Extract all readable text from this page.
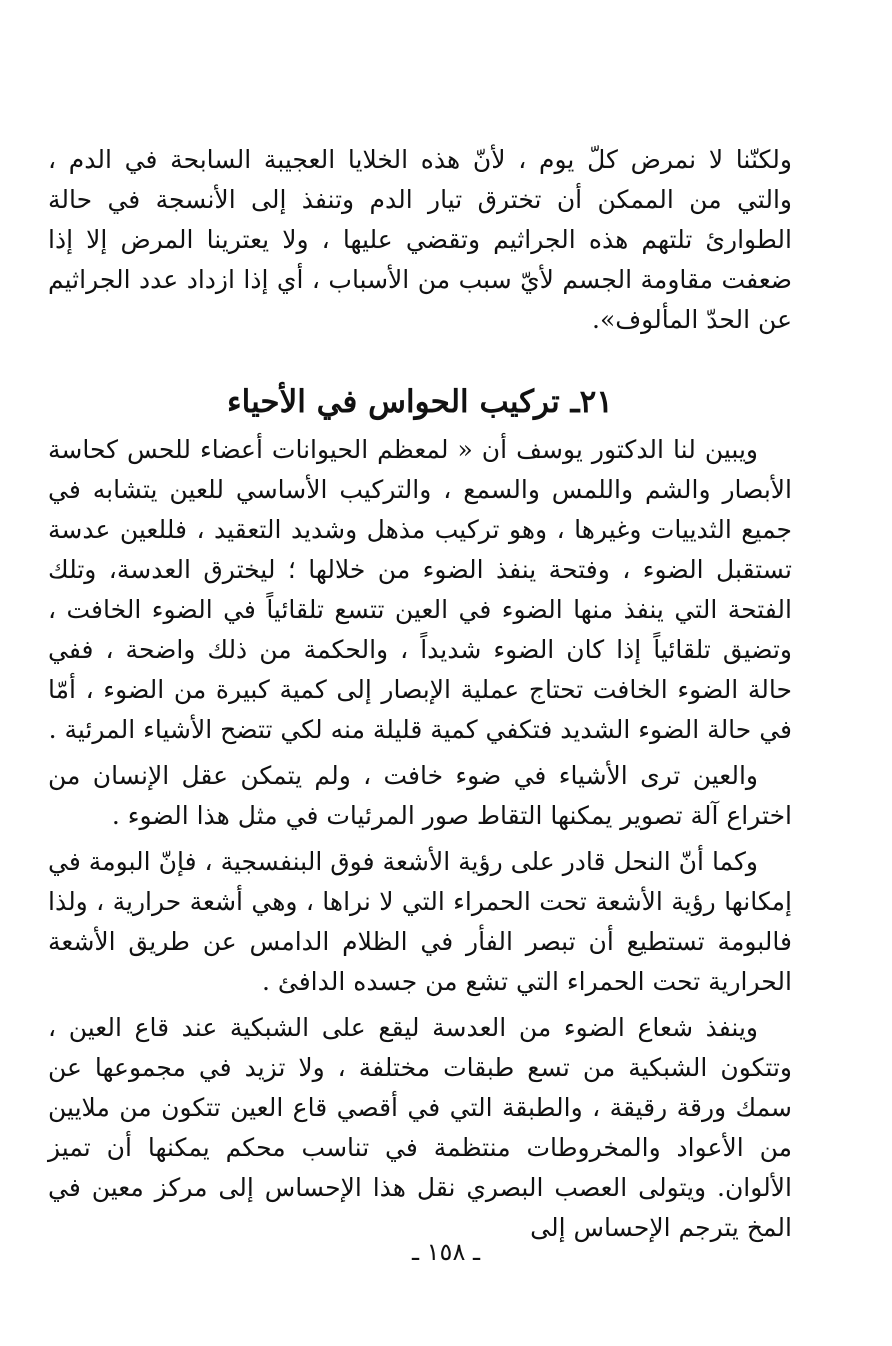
ولكنّنا لا نمرض كلّ يوم ، لأنّ هذه الخلايا العجيبة السابحة في الدم ، والتي من الممكن أن تخترق تيار الدم وتنفذ إلى الأنسجة في حالة الطوارئ تلتهم هذه الجراثيم وتقضي عليها ، ولا يعترينا المرض إلا إذا ضعفت مقاومة الجسم لأيّ سبب من الأسباب ، أي إذا ازداد عدد الجراثيم عن الحدّ المألوف».

٢١ـ تركيب الحواس في الأحياء

ويبين لنا الدكتور يوسف أن « لمعظم الحيوانات أعضاء للحس كحاسة الأبصار والشم واللمس والسمع ، والتركيب الأساسي للعين يتشابه في جميع الثدييات وغيرها ، وهو تركيب مذهل وشديد التعقيد ، فللعين عدسة تستقبل الضوء ، وفتحة ينفذ الضوء من خلالها ؛ ليخترق العدسة، وتلك الفتحة التي ينفذ منها الضوء في العين تتسع تلقائياً في الضوء الخافت ، وتضيق تلقائياً إذا كان الضوء شديداً ، والحكمة من ذلك واضحة ، ففي حالة الضوء الخافت تحتاج عملية الإبصار إلى كمية كبيرة من الضوء ، أمّا في حالة الضوء الشديد فتكفي كمية قليلة منه لكي تتضح الأشياء المرئية .

والعين ترى الأشياء في ضوء خافت ، ولم يتمكن عقل الإنسان من اختراع آلة تصوير يمكنها التقاط صور المرئيات في مثل هذا الضوء .

وكما أنّ النحل قادر على رؤية الأشعة فوق البنفسجية ، فإنّ البومة في إمكانها رؤية الأشعة تحت الحمراء التي لا نراها ، وهي أشعة حرارية ، ولذا فالبومة تستطيع أن تبصر الفأر في الظلام الدامس عن طريق الأشعة الحرارية تحت الحمراء التي تشع من جسده الدافئ .

وينفذ شعاع الضوء من العدسة ليقع على الشبكية عند قاع العين ، وتتكون الشبكية من تسع طبقات مختلفة ، ولا تزيد في مجموعها عن سمك ورقة رقيقة ، والطبقة التي في أقصي قاع العين تتكون من ملايين من الأعواد والمخروطات منتظمة في تناسب محكم يمكنها أن تميز الألوان. ويتولى العصب البصري نقل هذا الإحساس إلى مركز معين في المخ يترجم الإحساس إلى

ـ ١٥٨ ـ
